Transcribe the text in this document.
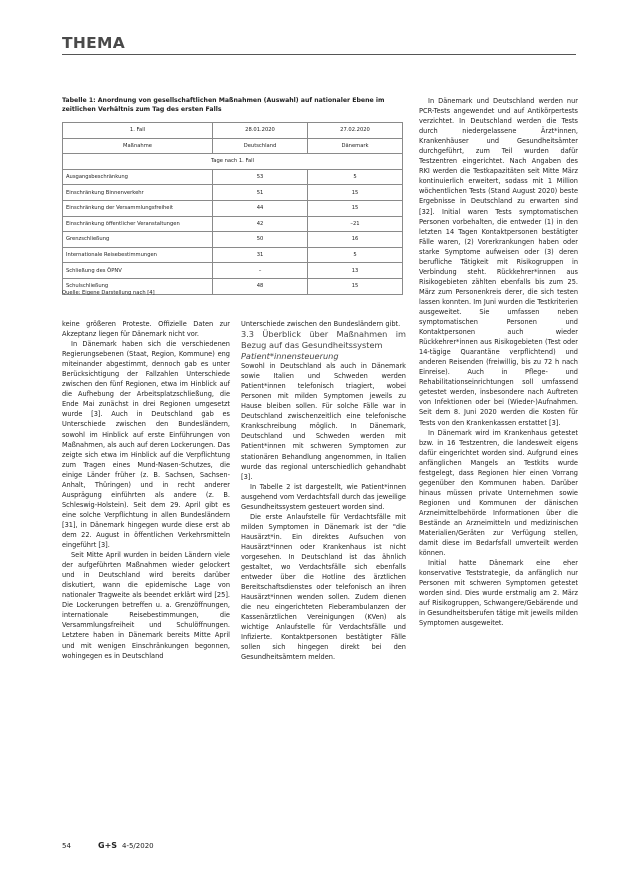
THEMA
Tabelle 1: Anordnung von gesellschaftlichen Maßnahmen (Auswahl) auf nationaler Ebene im zeitlichen Verhältnis zum Tag des ersten Falls
1. Fall	28.01.2020	27.02.2020
Maßnahme	Deutschland	Dänemark
Tage nach 1. Fall		
Ausgangsbeschränkung	53	5
Einschränkung Binnenverkehr	51	15
Einschränkung der Versammlungsfreiheit	44	15
Einschränkung öffentlicher Veranstaltungen	42	–21
Grenzschließung	50	16
Internationale Reisebestimmungen	31	5
Schließung des ÖPNV	–	13
Schulschließung	48	15
Quelle: Eigene Darstellung nach [4]

keine größeren Proteste. Offizielle Daten zur Akzeptanz liegen für Dänemark nicht vor.

In Dänemark haben sich die verschiedenen Regierungsebenen (Staat, Region, Kommune) eng miteinander abgestimmt, dennoch gab es unter Berücksichtigung der Fallzahlen Unterschiede zwischen den fünf Regionen, etwa im Hinblick auf die Aufhebung der Arbeitsplatzschließung, die Ende Mai zunächst in drei Regionen umgesetzt wurde [3]. Auch in Deutschland gab es Unterschiede zwischen den Bundesländern, sowohl im Hinblick auf erste Einführungen von Maßnahmen, als auch auf deren Lockerungen. Das zeigte sich etwa im Hinblick auf die Verpflichtung zum Tragen eines Mund-Nasen-Schutzes, die einige Länder früher (z. B. Sachsen, Sachsen-Anhalt, Thüringen) und in recht anderer Ausprägung einführten als andere (z. B. Schleswig-Holstein). Seit dem 29. April gibt es eine solche Verpflichtung in allen Bundesländern [31], in Dänemark hingegen wurde diese erst ab dem 22. August in öffentlichen Verkehrsmitteln eingeführt [3].

Seit Mitte April wurden in beiden Ländern viele der aufgeführten Maßnahmen wieder gelockert und in Deutschland wird bereits darüber diskutiert, wann die epidemische Lage von nationaler Tragweite als beendet erklärt wird [25]. Die Lockerungen betreffen u. a. Grenzöffnungen, internationale Reisebestimmungen, die Versammlungsfreiheit und Schulöffnungen. Letztere haben in Dänemark bereits Mitte April und mit wenigen Einschränkungen begonnen, wohingegen es in Deutschland

Unterschiede zwischen den Bundesländern gibt.

3.3 Überblick über Maßnahmen im Bezug auf das Gesundheitssystem

Patient*innensteuerung

Sowohl in Deutschland als auch in Dänemark sowie Italien und Schweden werden Patient*innen telefonisch triagiert, wobei Personen mit milden Symptomen jeweils zu Hause bleiben sollen. Für solche Fälle war in Deutschland zwischenzeitlich eine telefonische Krankschreibung möglich. In Dänemark, Deutschland und Schweden werden mit Patient*innen mit schweren Symptomen zur stationären Behandlung angenommen, in Italien wurde das regional unterschiedlich gehandhabt [3].

In Tabelle 2 ist dargestellt, wie Patient*innen ausgehend vom Verdachtsfall durch das jeweilige Gesundheitssystem gesteuert worden sind.

Die erste Anlaufstelle für Verdachtsfälle mit milden Symptomen in Dänemark ist der "die Hausärzt*in. Ein direktes Aufsuchen von Hausärzt*innen oder Krankenhaus ist nicht vorgesehen. In Deutschland ist das ähnlich gestaltet, wo Verdachtsfälle sich ebenfalls entweder über die Hotline des ärztlichen Bereitschaftsdienstes oder telefonisch an ihren Hausärzt*innen wenden sollen. Zudem dienen die neu eingerichteten Fieberambulanzen der Kassenärztlichen Vereinigungen (KVen) als wichtige Anlaufstelle für Verdachtsfälle und Infizierte. Kontaktpersonen bestätigter Fälle sollen sich hingegen direkt bei den Gesundheitsämtern melden.

In Dänemark und Deutschland werden nur PCR-Tests angewendet und auf Antikörpertests verzichtet. In Deutschland werden die Tests durch niedergelassene Ärzt*innen, Krankenhäuser und Gesundheitsämter durchgeführt, zum Teil wurden dafür Testzentren eingerichtet. Nach Angaben des RKI werden die Testkapazitäten seit Mitte März kontinuierlich erweitert, sodass mit 1 Million wöchentlichen Tests (Stand August 2020) beste Ergebnisse in Deutschland zu erwarten sind [32]. Initial waren Tests symptomatischen Personen vorbehalten, die entweder (1) in den letzten 14 Tagen Kontaktpersonen bestätigter Fälle waren, (2) Vorerkrankungen haben oder starke Symptome aufweisen oder (3) deren berufliche Tätigkeit mit Risikogruppen in Verbindung steht. Rückkehrer*innen aus Risikogebieten zählten ebenfalls bis zum 25. März zum Personenkreis derer, die sich testen lassen konnten. Im Juni wurden die Testkriterien ausgeweitet. Sie umfassen neben symptomatischen Personen und Kontaktpersonen auch wieder Rückkehrer*innen aus Risikogebieten (Test oder 14-tägige Quarantäne verpflichtend) und anderen Reisenden (freiwillig, bis zu 72 h nach Einreise). Auch in Pflege- und Rehabilitationseinrichtungen soll umfassend getestet werden, insbesondere nach Auftreten von Infektionen oder bei (Wieder-)Aufnahmen. Seit dem 8. Juni 2020 werden die Kosten für Tests von den Krankenkassen erstattet [3].

In Dänemark wird im Krankenhaus getestet bzw. in 16 Testzentren, die landesweit eigens dafür eingerichtet worden sind. Aufgrund eines anfänglichen Mangels an Testkits wurde festgelegt, dass Regionen hier einen Vorrang gegenüber den Kommunen haben. Darüber hinaus müssen private Unternehmen sowie Regionen und Kommunen der dänischen Arzneimittelbehörde Informationen über die Bestände an Arzneimitteln und medizinischen Materialien/Geräten zur Verfügung stellen, damit diese im Bedarfsfall umverteilt werden können.

Initial hatte Dänemark eine eher konservative Teststrategie, da anfänglich nur Personen mit schweren Symptomen getestet worden sind. Dies wurde erstmalig am 2. März auf Risikogruppen, Schwangere/Gebärende und in Gesundheitsberufen tätige mit jeweils milden Symptomen ausgeweitet.

54	G+S 4-5/2020
